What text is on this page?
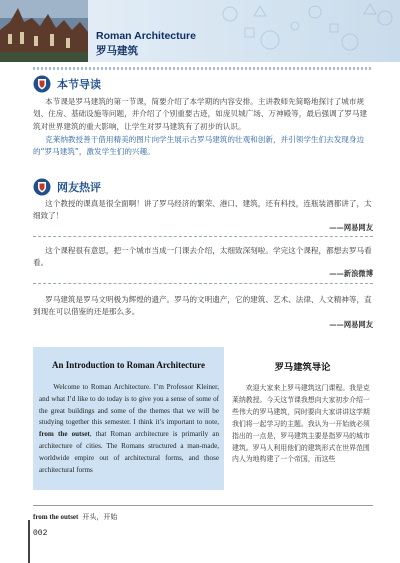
Roman Architecture
罗马建筑
本节导读

本节课是罗马建筑的第一节课，简要介绍了本学期的内容安排。主讲教师先简略地探讨了城市规划、住房、基础设施等问题，并介绍了个别重要古迹，如庞贝城广场、万神殿等，最后强调了罗马建筑对世界建筑的重大影响，让学生对罗马建筑有了初步的认识。

克莱纳教授善于借用精美的图片向学生展示古罗马建筑的壮观和创新，并引领学生们去发现身边的“罗马建筑”，激发学生们的兴趣。

网友热评

这个教授的课真是很全面啊！讲了罗马经济的繁荣、港口、建筑，还有科技，连瓶装酒都讲了，太细致了！

——网易网友

这个课程很有意思，把一个城市当成一门课去介绍，太细致深刻啦。学完这个课程，都想去罗马看看。

——新浪微博

罗马建筑是罗马文明极为辉煌的遗产。罗马的文明遗产，它的建筑、艺术、法律、人文精神等，直到现在可以借鉴的还是那么多。

——网易网友
An Introduction to Roman Architecture

  Welcome to Roman Architecture. I’m Professor Kleiner, and what I’d like to do today is to give you a sense of some of the great buildings and some of the themes that we will be studying together this semester. I think it’s important to note, from the outset, that Roman architecture is primarily an architecture of cities. The Romans structured a man-made, worldwide empire out of architectural forms, and those architectural forms

罗马建筑导论

  欢迎大家来上罗马建筑这门课程。我是克莱纳教授。今天这节课我想向大家初步介绍一些伟大的罗马建筑，同时要向大家讲讲这学期我们将一起学习的主题。我认为一开始就必须指出的一点是，罗马建筑主要是指罗马的城市建筑。罗马人利用他们的建筑形式在世界范围内人为地构建了一个帝国，而这些

from the outset 开头，开始
002
